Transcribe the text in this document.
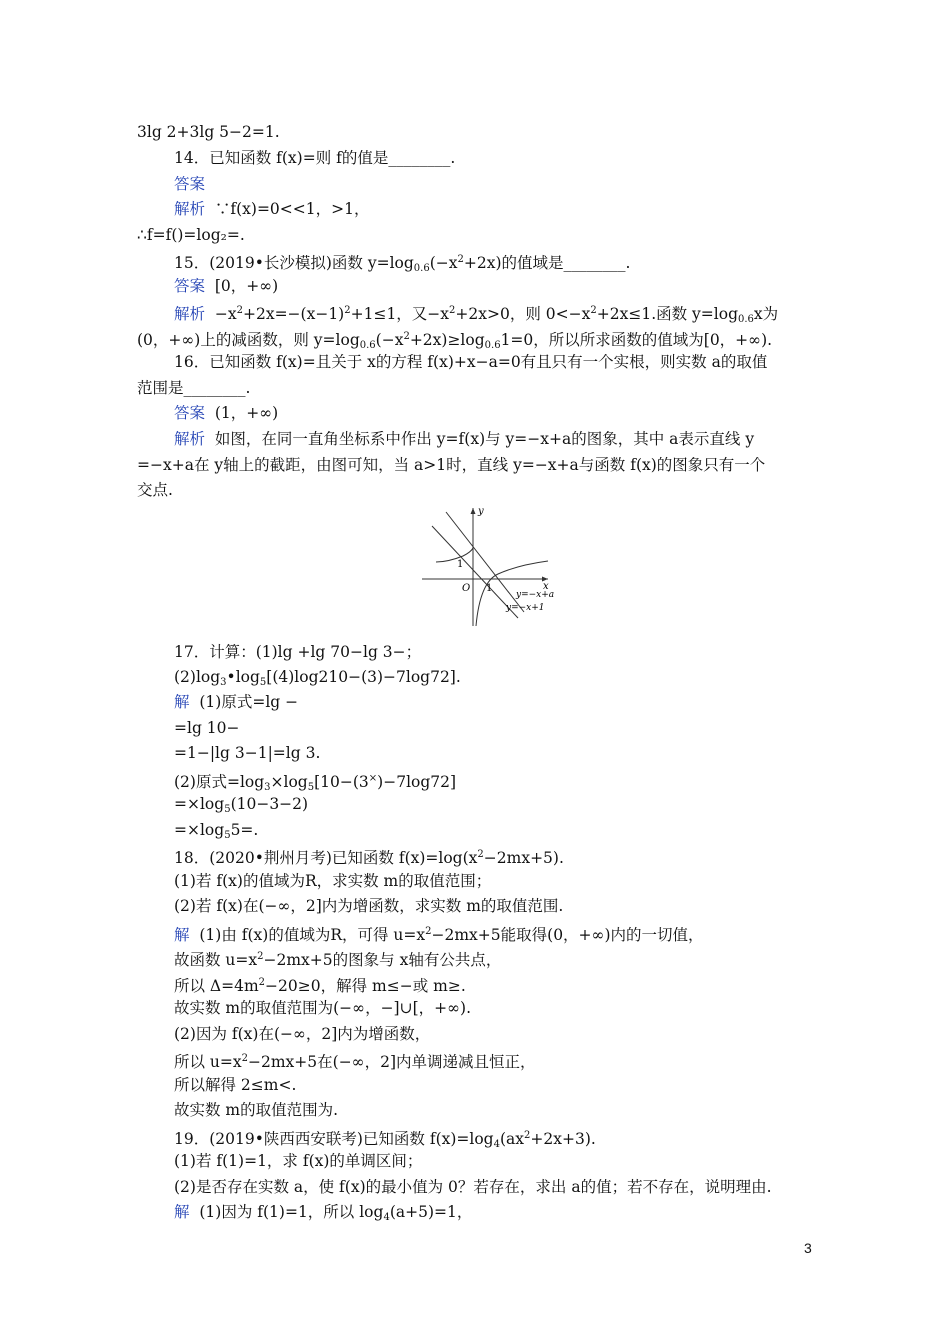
3lg 2+3lg 5−2=1.
14．已知函数 f(x)=则 f的值是________.
答案
解析 ∵f(x)=0<<1，>1，
∴f=f()=log₂=.
15．(2019•长沙模拟)函数 $y=\log_{0.6}(-x^2+2x)$的值域是________.
答案 [0，+∞)
解析 $-x^2+2x=-(x-1)^2+1\le 1$，又$-x^2+2x>0$，则 $0<-x^2+2x\le 1$.函数 $y=\log_{0.6}x$为
(0，+∞)上的减函数，则 $y=\log_{0.6}(-x^2+2x)\ge\log_{0.6}1=0$，所以所求函数的值域为[0，+∞).
16．已知函数 f(x)=且关于 x的方程 f(x)+x−a=0有且只有一个实根，则实数 a的取值
范围是________.
答案 (1，+∞)
解析 如图，在同一直角坐标系中作出 y=f(x)与 y=−x+a的图象，其中 a表示直线 y
=−x+a在 y轴上的截距，由图可知，当 a>1时，直线 y=−x+a与函数 f(x)的图象只有一个
交点.
y
x
O
1
1
y=−x+a
y=−x+1
17．计算：(1)lg +lg 70−lg 3−；
$(2)\log_3•\log_5[(4)\log 210-(3)-7\log 72]$.
解 (1)原式=lg −
=lg 10−
=1−|lg 3−1|=lg 3.
(2)原式$=\log_3\times\log_5[10-(3^\times)-7\log 72]$
$=\times\log_5(10-3-2)$
$=\times\log_55=$.
18．(2020•荆州月考)已知函数 $f(x)=\log(x^2-2mx+5)$.
(1)若 f(x)的值域为R，求实数 m的取值范围；
(2)若 f(x)在(−∞，2]内为增函数，求实数 m的取值范围.
解 (1)由 f(x)的值域为R，可得 $u=x^2-2mx+5$能取得(0，+∞)内的一切值，
故函数 $u=x^2-2mx+5$的图象与 x轴有公共点，
所以 $\Delta=4m^2-20\ge 0$，解得 m≤−或 m≥.
故实数 m的取值范围为(−∞，−]∪[，+∞).
(2)因为 f(x)在(−∞，2]内为增函数，
所以 $u=x^2-2mx+5$在(−∞，2]内单调递减且恒正，
所以解得 2≤m<.
故实数 m的取值范围为.
19．(2019•陕西西安联考)已知函数 $f(x)=\log_4(ax^2+2x+3)$.
(1)若 f(1)=1，求 f(x)的单调区间；
(2)是否存在实数 a，使 f(x)的最小值为 0？若存在，求出 a的值；若不存在，说明理由.
解 (1)因为 f(1)=1，所以 $\log_4(a+5)=1$，
3
